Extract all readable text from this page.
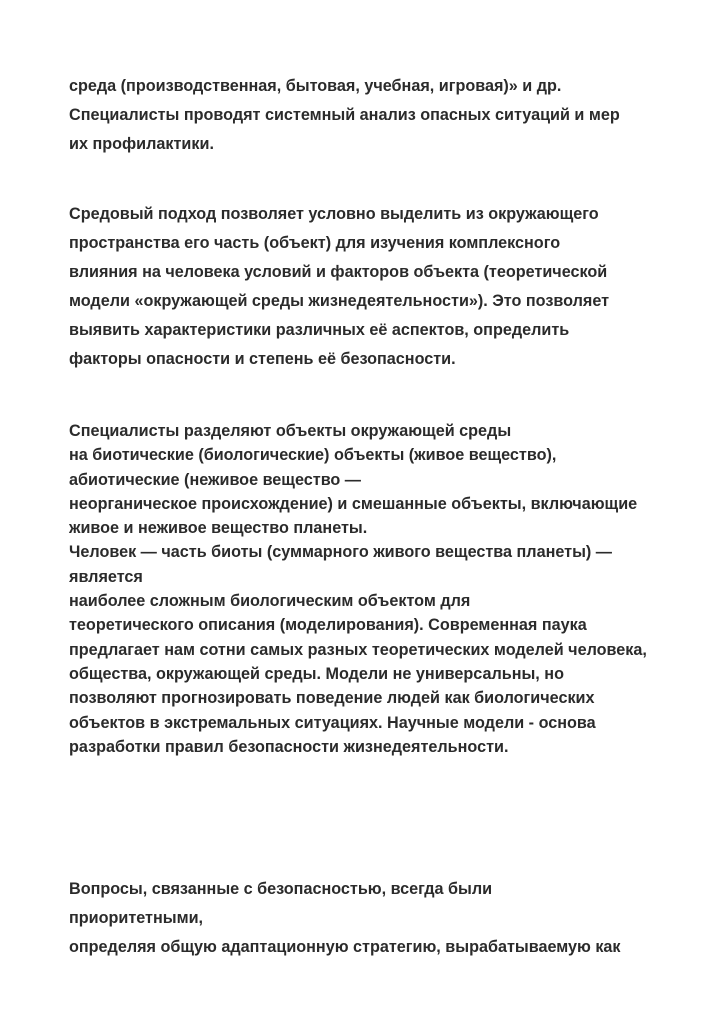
среда (производственная, бытовая, учебная, игровая)» и др.
Специалисты проводят системный анализ опасных ситуаций и мер
их профилактики.
Средовый подход позволяет условно выделить из окружающего
пространства его часть (объект) для изучения комплексного
влияния на человека условий и факторов объекта (теоретической
модели «окружающей среды жизнедеятельности»). Это позволяет
выявить характеристики различных её аспектов, определить
факторы опасности и степень её безопасности.
Специалисты разделяют объекты окружающей среды
на биотические (биологические) объекты (живое вещество),
абиотические (неживое вещество —
неорганическое происхождение) и смешанные объекты, включающие
живое и неживое вещество планеты.
Человек — часть биоты (суммарного живого вещества планеты) —
является
наиболее сложным биологическим объектом для
теоретического описания (моделирования). Современная паука
предлагает нам сотни самых разных теоретических моделей человека,
общества, окружающей среды. Модели не универсальны, но
позволяют прогнозировать поведение людей как биологических
объектов в экстремальных ситуациях. Научные модели - основа
разработки правил безопасности жизнедеятельности.
Вопросы, связанные с безопасностью, всегда были
приоритетными,
определяя общую адаптационную стратегию, вырабатываемую как
